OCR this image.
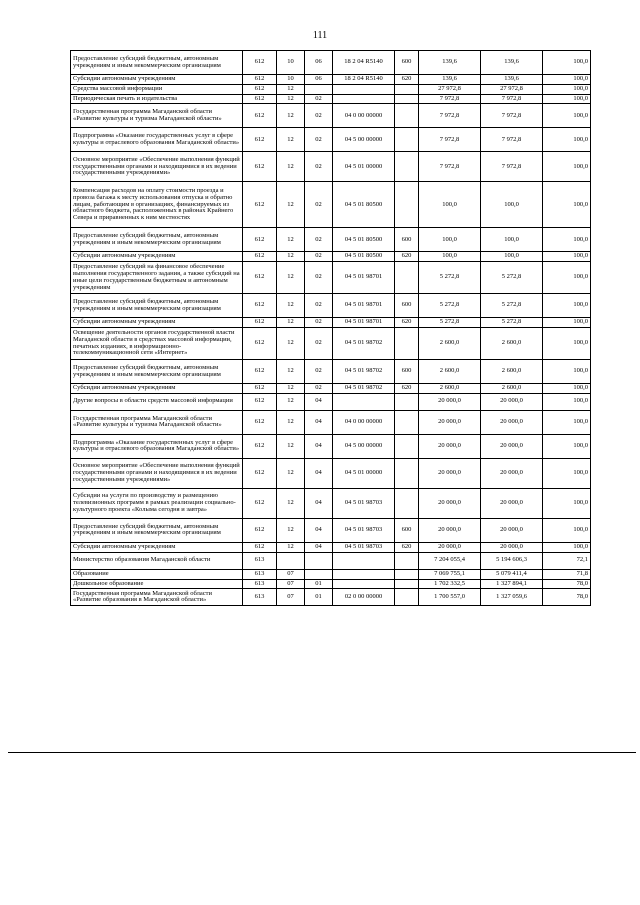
111
Предоставление субсидий бюджетным, автономным учреждениям и иным некоммерческим организациям	612	10	06	18 2 04 R5140	600	139,6	139,6	100,0
Субсидии автономным учреждениям	612	10	06	18 2 04 R5140	620	139,6	139,6	100,0
Средства массовой информации	612	12				27 972,8	27 972,8	100,0
Периодическая печать и издательства	612	12	02			7 972,8	7 972,8	100,0
Государственная программа Магаданской области «Развитие культуры и туризма Магаданской области»	612	12	02	04 0 00 00000		7 972,8	7 972,8	100,0
Подпрограмма «Оказание государственных услуг в сфере культуры и отраслевого образования Магаданской области»	612	12	02	04 5 00 00000		7 972,8	7 972,8	100,0
Основное мероприятие «Обеспечение выполнения функций государственными органами и находящимися в их ведении государственными учреждениями»	612	12	02	04 5 01 00000		7 972,8	7 972,8	100,0
Компенсация расходов на оплату стоимости проезда и провоза багажа к месту использования отпуска и обратно лицам, работающим в организациях, финансируемых из областного бюджета, расположенных в районах Крайнего Севера и приравненных к ним местностях	612	12	02	04 5 01 80500		100,0	100,0	100,0
Предоставление субсидий бюджетным, автономным учреждениям и иным некоммерческим организациям	612	12	02	04 5 01 80500	600	100,0	100,0	100,0
Субсидии автономным учреждениям	612	12	02	04 5 01 80500	620	100,0	100,0	100,0
Предоставление субсидий на финансовое обеспечение выполнения государственного задания, а также субсидий на иные цели государственным бюджетным и автономным учреждениям	612	12	02	04 5 01 98701		5 272,8	5 272,8	100,0
Предоставление субсидий бюджетным, автономным учреждениям и иным некоммерческим организациям	612	12	02	04 5 01 98701	600	5 272,8	5 272,8	100,0
Субсидии автономным учреждениям	612	12	02	04 5 01 98701	620	5 272,8	5 272,8	100,0
Освещение деятельности органов государственной власти Магаданской области в средствах массовой информации, печатных изданиях, в информационно-телекоммуникационной сети «Интернет»	612	12	02	04 5 01 98702		2 600,0	2 600,0	100,0
Предоставление субсидий бюджетным, автономным учреждениям и иным некоммерческим организациям	612	12	02	04 5 01 98702	600	2 600,0	2 600,0	100,0
Субсидии автономным учреждениям	612	12	02	04 5 01 98702	620	2 600,0	2 600,0	100,0
Другие вопросы в области средств массовой информации	612	12	04			20 000,0	20 000,0	100,0
Государственная программа Магаданской области «Развитие культуры и туризма Магаданской области»	612	12	04	04 0 00 00000		20 000,0	20 000,0	100,0
Подпрограмма «Оказание государственных услуг в сфере культуры и отраслевого образования Магаданской области»	612	12	04	04 5 00 00000		20 000,0	20 000,0	100,0
Основное мероприятие «Обеспечение выполнения функций государственными органами и находящимися в их ведении государственными учреждениями»	612	12	04	04 5 01 00000		20 000,0	20 000,0	100,0
Субсидии на услуги по производству и размещению телевизионных программ в рамках реализации социально-культурного проекта «Колыма сегодня и завтра»	612	12	04	04 5 01 98703		20 000,0	20 000,0	100,0
Предоставление субсидий бюджетным, автономным учреждениям и иным некоммерческим организациям	612	12	04	04 5 01 98703	600	20 000,0	20 000,0	100,0
Субсидии автономным учреждениям	612	12	04	04 5 01 98703	620	20 000,0	20 000,0	100,0
Министерство образования Магаданской области	613					7 204 055,4	5 194 606,3	72,1
Образование	613	07				7 069 755,1	5 079 411,4	71,8
Дошкольное образование	613	07	01			1 702 332,5	1 327 894,1	78,0
Государственная программа Магаданской области «Развитие образования в Магаданской области»	613	07	01	02 0 00 00000		1 700 557,0	1 327 059,6	78,0
